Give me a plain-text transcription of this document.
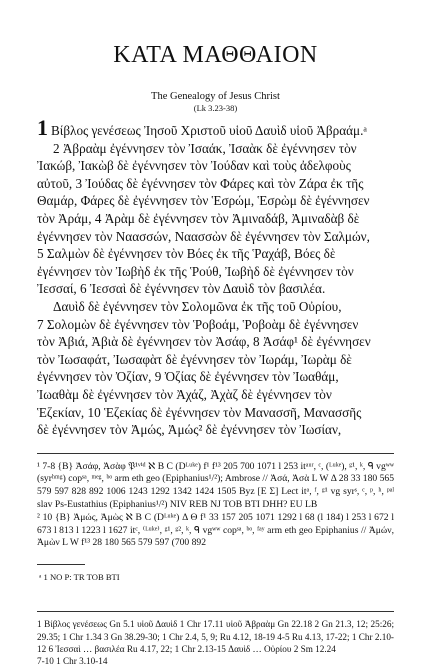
ΚΑΤΑ ΜΑΘΘΑΙΟΝ
The Genealogy of Jesus Christ
(Lk 3.23-38)

1 Βίβλος γενέσεως Ἰησοῦ Χριστοῦ υἱοῦ Δαυὶδ υἱοῦ Ἀβραάμ.ᵃ

2 Ἀβραὰμ ἐγέννησεν τὸν Ἰσαάκ, Ἰσαὰκ δὲ ἐγέννησεν τὸν

Ἰακώβ, Ἰακὼβ δὲ ἐγέννησεν τὸν Ἰούδαν καὶ τοὺς ἀδελφοὺς

αὐτοῦ, 3 Ἰούδας δὲ ἐγέννησεν τὸν Φάρες καὶ τὸν Ζάρα ἐκ τῆς

Θαμάρ, Φάρες δὲ ἐγέννησεν τὸν Ἑσρώμ, Ἑσρὼμ δὲ ἐγέννησεν

τὸν Ἀράμ, 4 Ἀρὰμ δὲ ἐγέννησεν τὸν Ἀμιναδάβ, Ἀμιναδὰβ δὲ

ἐγέννησεν τὸν Ναασσών, Ναασσὼν δὲ ἐγέννησεν τὸν Σαλμών,

5 Σαλμὼν δὲ ἐγέννησεν τὸν Βόες ἐκ τῆς Ῥαχάβ, Βόες δὲ

ἐγέννησεν τὸν Ἰωβὴδ ἐκ τῆς Ῥούθ, Ἰωβὴδ δὲ ἐγέννησεν τὸν

Ἰεσσαί, 6 Ἰεσσαὶ δὲ ἐγέννησεν τὸν Δαυὶδ τὸν βασιλέα.

Δαυὶδ δὲ ἐγέννησεν τὸν Σολομῶνα ἐκ τῆς τοῦ Οὐρίου,

7 Σολομὼν δὲ ἐγέννησεν τὸν Ῥοβοάμ, Ῥοβοὰμ δὲ ἐγέννησεν

τὸν Ἀβιά, Ἀβιὰ δὲ ἐγέννησεν τὸν Ἀσάφ, 8 Ἀσάφ¹ δὲ ἐγέννησεν

τὸν Ἰωσαφάτ, Ἰωσαφὰτ δὲ ἐγέννησεν τὸν Ἰωράμ, Ἰωρὰμ δὲ

ἐγέννησεν τὸν Ὀζίαν, 9 Ὀζίας δὲ ἐγέννησεν τὸν Ἰωαθάμ,

Ἰωαθὰμ δὲ ἐγέννησεν τὸν Ἀχάζ, Ἀχὰζ δὲ ἐγέννησεν τὸν

Ἑζεκίαν, 10 Ἑζεκίας δὲ ἐγέννησεν τὸν Μανασσῆ, Μανασσῆς

δὲ ἐγέννησεν τὸν Ἀμώς, Ἀμώς² δὲ ἐγέννησεν τὸν Ἰωσίαν,

¹ 7-8 {B} Ἀσάφ, Ἀσὰφ 𝔓¹ᵛⁱᵈ ℵ B C (Dᴸᵘᵏᵉ) f¹ f¹³ 205 700 1071 l 253 itᵃᵘʳ, ᶜ, (ᴸᵘᵏᵉ), ᵍ¹, ᵏ, ᑫ vgʷʷ (syrʰᵐᵍ) copˢᵃ, ᵐᵉᵍ, ᵇᵒ arm eth geo (Epiphanius¹/²); Ambrose // Ἀσά, Ἀσὰ L W Δ 28 33 180 565 579 597 828 892 1006 1243 1292 1342 1424 1505 Byz [E Σ] Lect itᵃ, ᶠ, ᵍ¹ vg syrˢ, ᶜ, ᵖ, ʰ, ᵖᵃˡ slav Ps-Eustathius (Epiphanius¹/²) NIV REB NJ TOB BTI DHH? EU LB

² 10 {B} Ἀμώς, Ἀμὼς ℵ B C (Dᴸᵘᵏᵉ) Δ Θ f¹ 33 157 205 1071 1292 l 68 (l 184) l 253 l 672 l 673 l 813 l 1223 l 1627 itᶜ, ⁽ᴸᵘᵏᵉ⁾, ᵍ¹, ᵍ², ᵏ, ᑫ vgʷʷ copˢᵃ, ᵇᵒ, ᶠᵃʸ arm eth geo Epiphanius // Ἀμών, Ἀμὼν L W f¹³ 28 180 565 579 597 (700 892

ᵃ 1 NO P: TR TOB BTI

1 Βίβλος γενέσεως Gn 5.1 υἱοῦ Δαυὶδ 1 Chr 17.11 υἱοῦ Ἀβραὰμ Gn 22.18 2 Gn 21.3, 12; 25:26; 29.35; 1 Chr 1.34 3 Gn 38.29-30; 1 Chr 2.4, 5, 9; Ru 4.12, 18-19 4-5 Ru 4.13, 17-22; 1 Chr 2.10-12 6 Ἰεσσαὶ … βασιλέα Ru 4.17, 22; 1 Chr 2.13-15 Δαυὶδ … Οὐρίου 2 Sm 12.24

7-10 1 Chr 3.10-14
